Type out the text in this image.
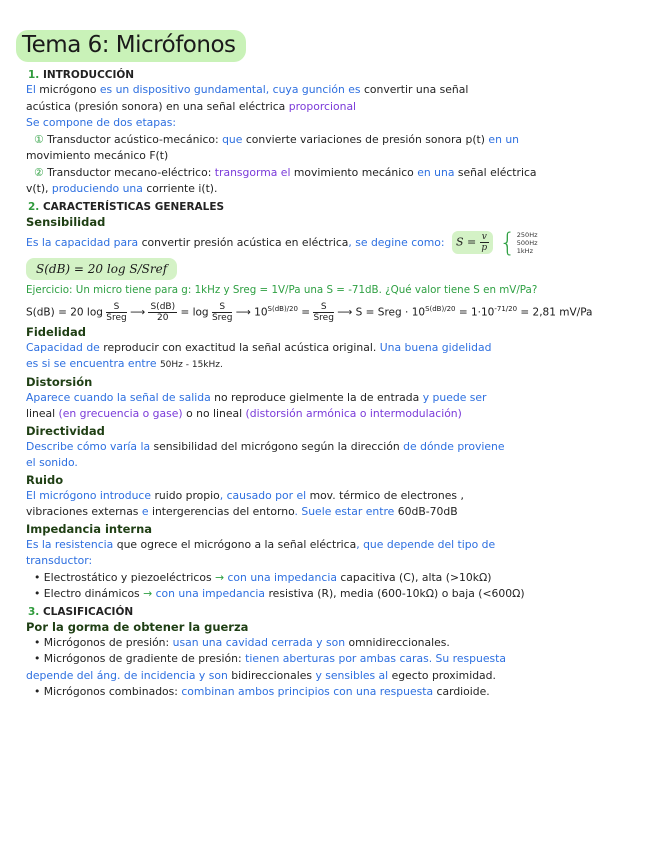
Tema 6: Micrófonos
1. INTRODUCCIÓN
El micrógono es un dispositivo gundamental, cuya gunción es convertir una señal
acústica (presión sonora) en una señal eléctrica proporcional
Se compone de dos etapas:
① Transductor acústico-mecánico: que convierte variaciones de presión sonora p(t) en un
movimiento mecánico F(t)
② Transductor mecano-eléctrico: transgorma el movimiento mecánico en una señal eléctrica
v(t), produciendo una corriente i(t).
2. CARACTERÍSTICAS GENERALES
Sensibilidad
Es la capacidad para convertir presión acústica en eléctrica, se degine como: $S = \frac{v}{p}$
{ 250Hz
500Hz
1kHz
S(dB) = 20 log S/Sref
Ejercicio: Un micro tiene para g: 1kHz y Sreg = 1V/Pa una S = -71dB. ¿Qué valor tiene S en mV/Pa?
S(dB) = 20 $\log \frac{S}{\text{Sreg}}$ ⟶ $\frac{S(dB)}{20} = \log \frac{S}{\text{Sreg}}$ ⟶ $10^{S(dB)/20} = \frac{S}{\text{Sreg}}$ ⟶ S = Sreg · $10^{S(dB)/20} = 1\cdot 10^{-71/20} = 2,81$ mV/Pa
Fidelidad
Capacidad de reproducir con exactitud la señal acústica original. Una buena gidelidad
es si se encuentra entre 50Hz - 15kHz.
Distorsión
Aparece cuando la señal de salida no reproduce gielmente la de entrada y puede ser
lineal (en grecuencia o gase) o no lineal (distorsión armónica o intermodulación)
Directividad
Describe cómo varía la sensibilidad del micrógono según la dirección de dónde proviene
el sonido.
Ruido
El micrógono introduce ruido propio, causado por el mov. térmico de electrones ,
vibraciones externas e intergerencias del entorno. Suele estar entre 60dB-70dB
Impedancia interna
Es la resistencia que ogrece el micrógono a la señal eléctrica, que depende del tipo de
transductor:
• Electrostático y piezoeléctricos → con una impedancia capacitiva (C), alta (>10kΩ)
• Electro dinámicos → con una impedancia resistiva (R), media (600-10kΩ) o baja (<600Ω)
3. CLASIFICACIÓN
Por la gorma de obtener la guerza
• Micrógonos de presión: usan una cavidad cerrada y son omnidireccionales.
• Micrógonos de gradiente de presión: tienen aberturas por ambas caras. Su respuesta
depende del áng. de incidencia y son bidireccionales y sensibles al egecto proximidad.
• Micrógonos combinados: combinan ambos principios con una respuesta cardioide.
